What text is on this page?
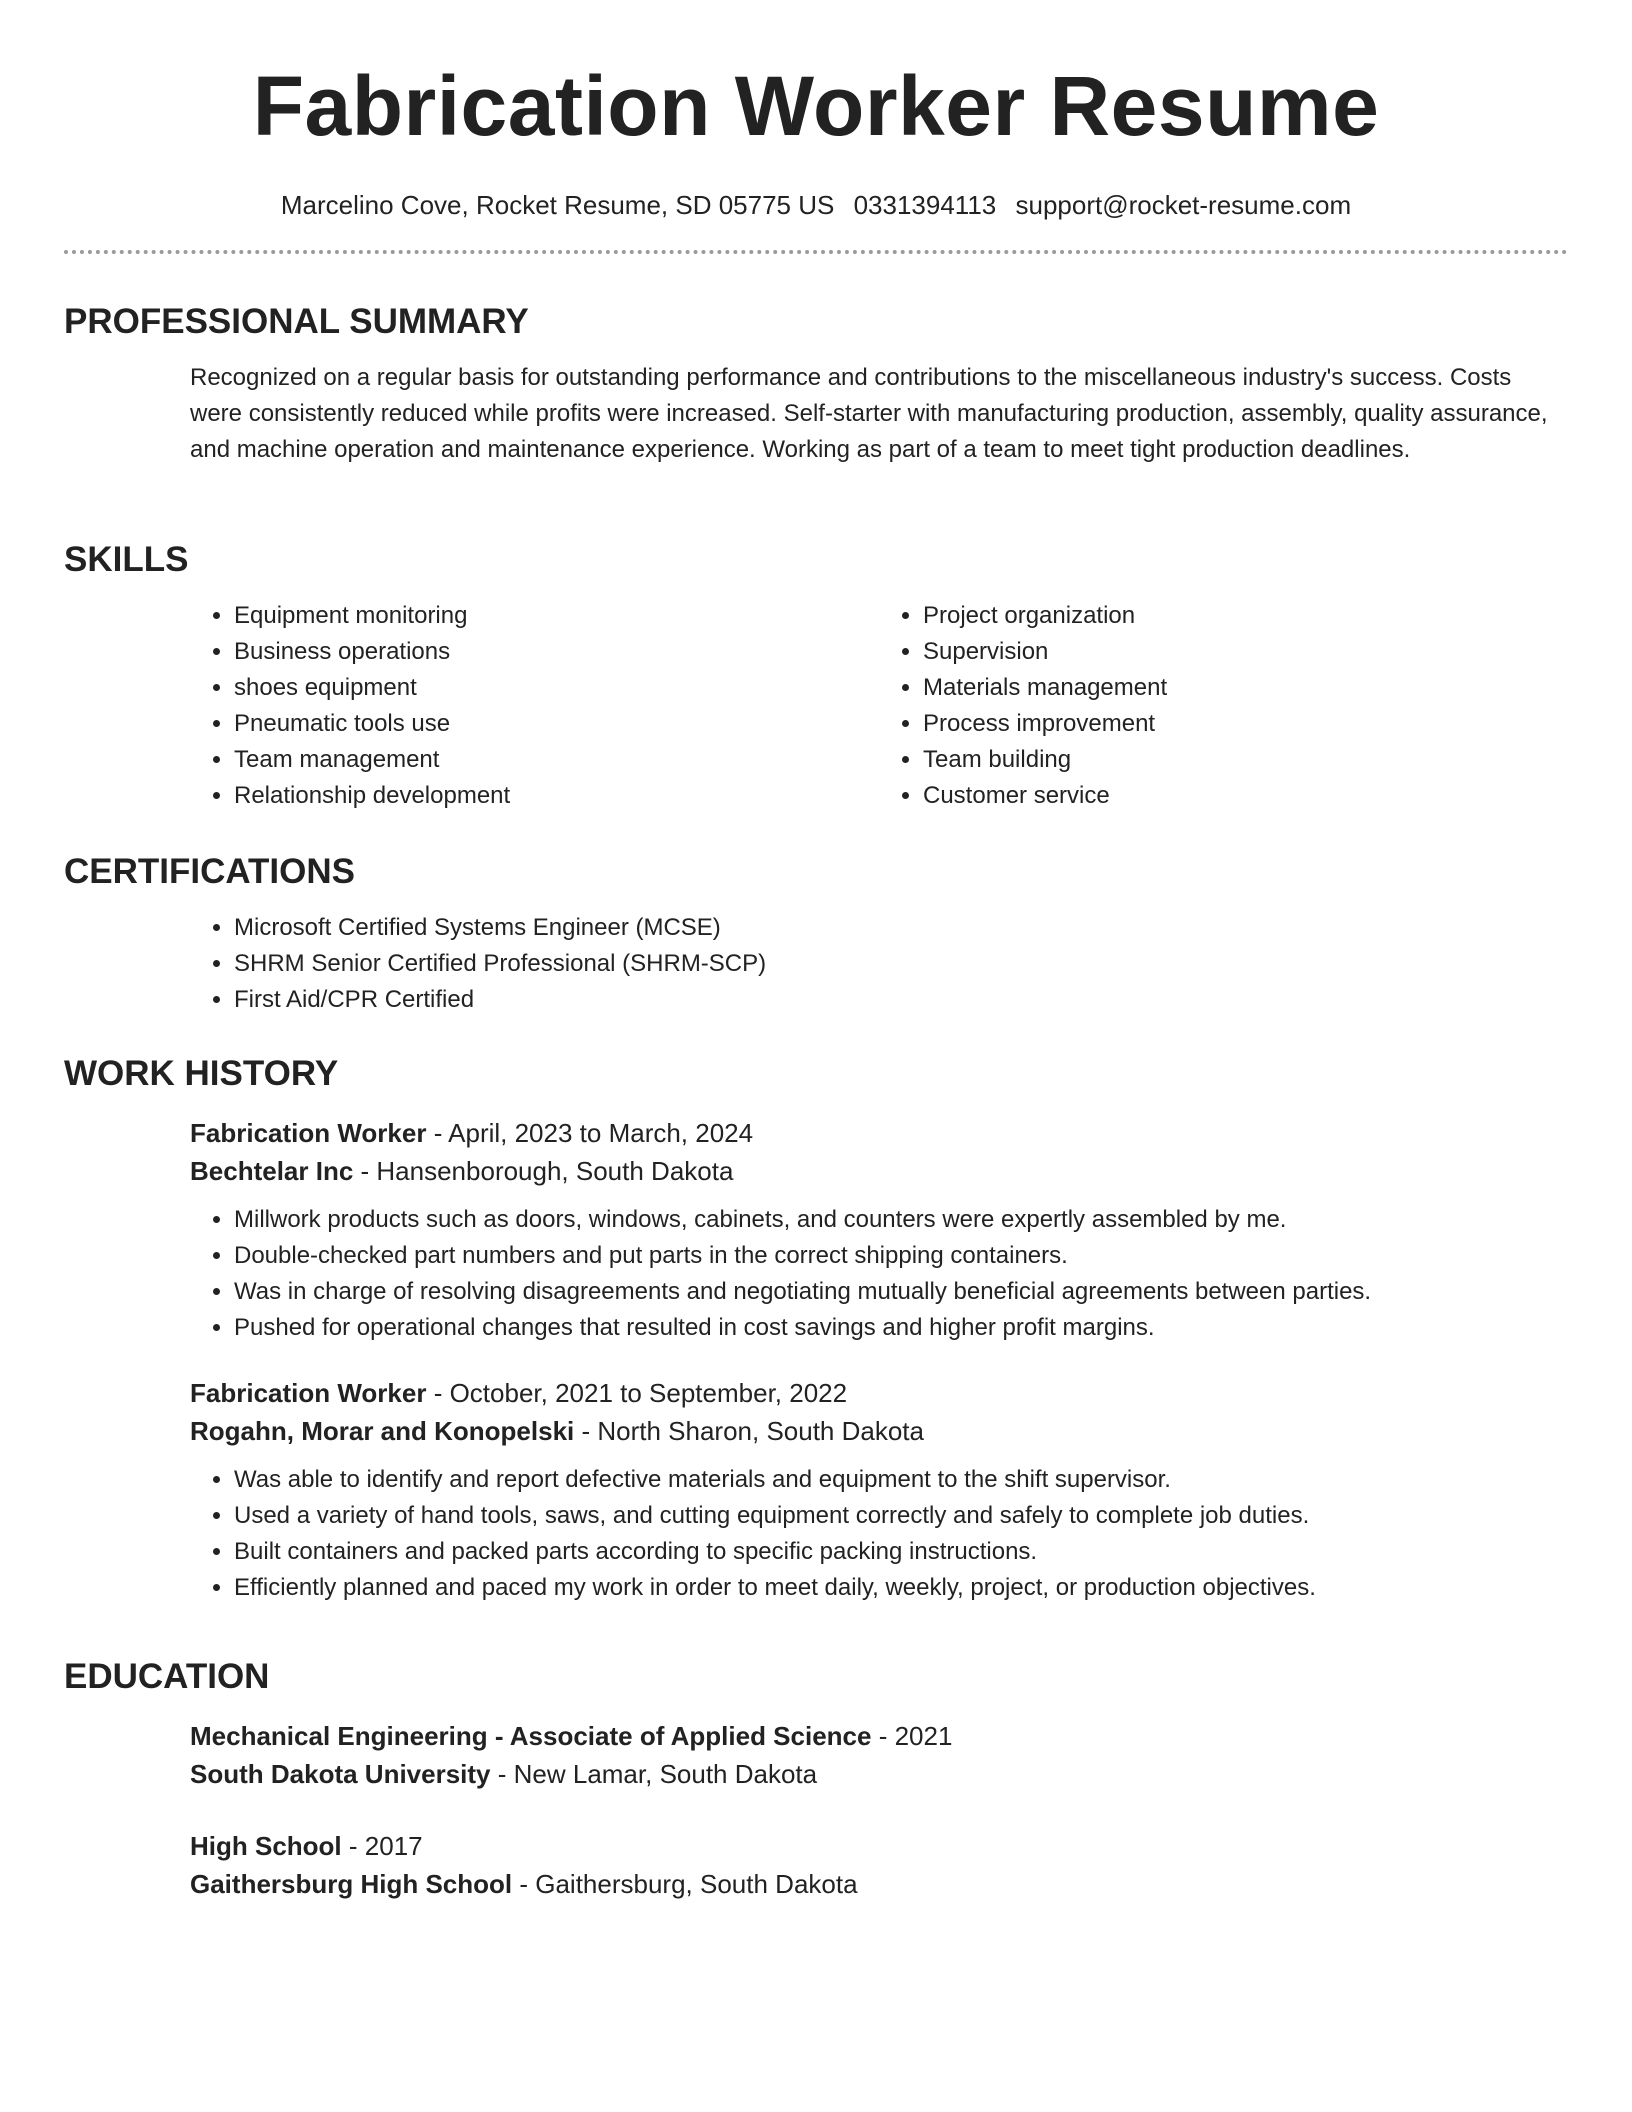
Fabrication Worker Resume
Marcelino Cove, Rocket Resume, SD 05775 US 0331394113 support@rocket-resume.com
PROFESSIONAL SUMMARY

Recognized on a regular basis for outstanding performance and contributions to the miscellaneous industry's success. Costs were consistently reduced while profits were increased. Self-starter with manufacturing production, assembly, quality assurance, and machine operation and maintenance experience. Working as part of a team to meet tight production deadlines.

SKILLS
• Equipment monitoring
• Business operations
• shoes equipment
• Pneumatic tools use
• Team management
• Relationship development
• Project organization
• Supervision
• Materials management
• Process improvement
• Team building
• Customer service
CERTIFICATIONS
• Microsoft Certified Systems Engineer (MCSE)
• SHRM Senior Certified Professional (SHRM-SCP)
• First Aid/CPR Certified
WORK HISTORY
Fabrication Worker - April, 2023 to March, 2024
Bechtelar Inc - Hansenborough, South Dakota
• Millwork products such as doors, windows, cabinets, and counters were expertly assembled by me.
• Double-checked part numbers and put parts in the correct shipping containers.
• Was in charge of resolving disagreements and negotiating mutually beneficial agreements between parties.
• Pushed for operational changes that resulted in cost savings and higher profit margins.
Fabrication Worker - October, 2021 to September, 2022
Rogahn, Morar and Konopelski - North Sharon, South Dakota
• Was able to identify and report defective materials and equipment to the shift supervisor.
• Used a variety of hand tools, saws, and cutting equipment correctly and safely to complete job duties.
• Built containers and packed parts according to specific packing instructions.
• Efficiently planned and paced my work in order to meet daily, weekly, project, or production objectives.
EDUCATION
Mechanical Engineering - Associate of Applied Science - 2021
South Dakota University - New Lamar, South Dakota
High School - 2017
Gaithersburg High School - Gaithersburg, South Dakota
